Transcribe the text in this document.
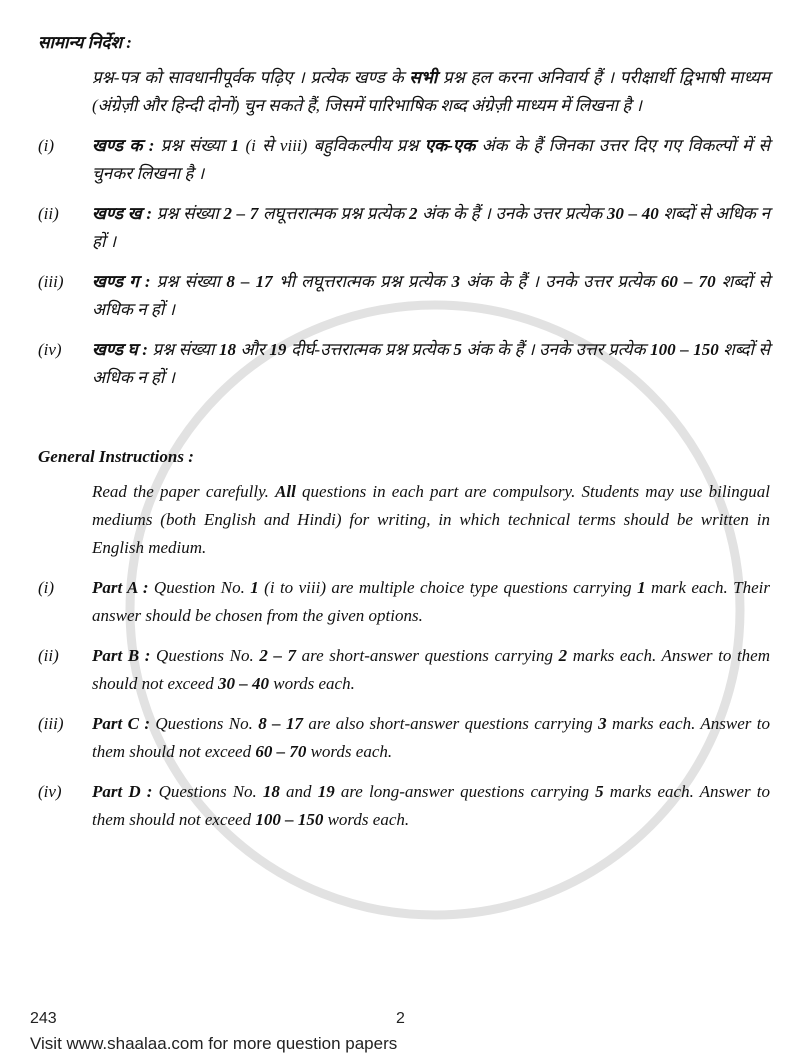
सामान्य निर्देश :
प्रश्न-पत्र को सावधानीपूर्वक पढ़िए । प्रत्येक खण्ड के सभी प्रश्न हल करना अनिवार्य हैं । परीक्षार्थी द्विभाषी माध्यम (अंग्रेज़ी और हिन्दी दोनों) चुन सकते हैं, जिसमें पारिभाषिक शब्द अंग्रेज़ी माध्यम में लिखना है ।
(i) खण्ड क : प्रश्न संख्या 1 (i से viii) बहुविकल्पीय प्रश्न एक-एक अंक के हैं जिनका उत्तर दिए गए विकल्पों में से चुनकर लिखना है ।
(ii) खण्ड ख : प्रश्न संख्या 2 – 7 लघूत्तरात्मक प्रश्न प्रत्येक 2 अंक के हैं । उनके उत्तर प्रत्येक 30 – 40 शब्दों से अधिक न हों ।
(iii) खण्ड ग : प्रश्न संख्या 8 – 17 भी लघूत्तरात्मक प्रश्न प्रत्येक 3 अंक के हैं । उनके उत्तर प्रत्येक 60 – 70 शब्दों से अधिक न हों ।
(iv) खण्ड घ : प्रश्न संख्या 18 और 19 दीर्घ-उत्तरात्मक प्रश्न प्रत्येक 5 अंक के हैं । उनके उत्तर प्रत्येक 100 – 150 शब्दों से अधिक न हों ।
General Instructions :
Read the paper carefully. All questions in each part are compulsory. Students may use bilingual mediums (both English and Hindi) for writing, in which technical terms should be written in English medium.
(i) Part A : Question No. 1 (i to viii) are multiple choice type questions carrying 1 mark each. Their answer should be chosen from the given options.
(ii) Part B : Questions No. 2 – 7 are short-answer questions carrying 2 marks each. Answer to them should not exceed 30 – 40 words each.
(iii) Part C : Questions No. 8 – 17 are also short-answer questions carrying 3 marks each. Answer to them should not exceed 60 – 70 words each.
(iv) Part D : Questions No. 18 and 19 are long-answer questions carrying 5 marks each. Answer to them should not exceed 100 – 150 words each.
243	2
Visit www.shaalaa.com for more question papers
